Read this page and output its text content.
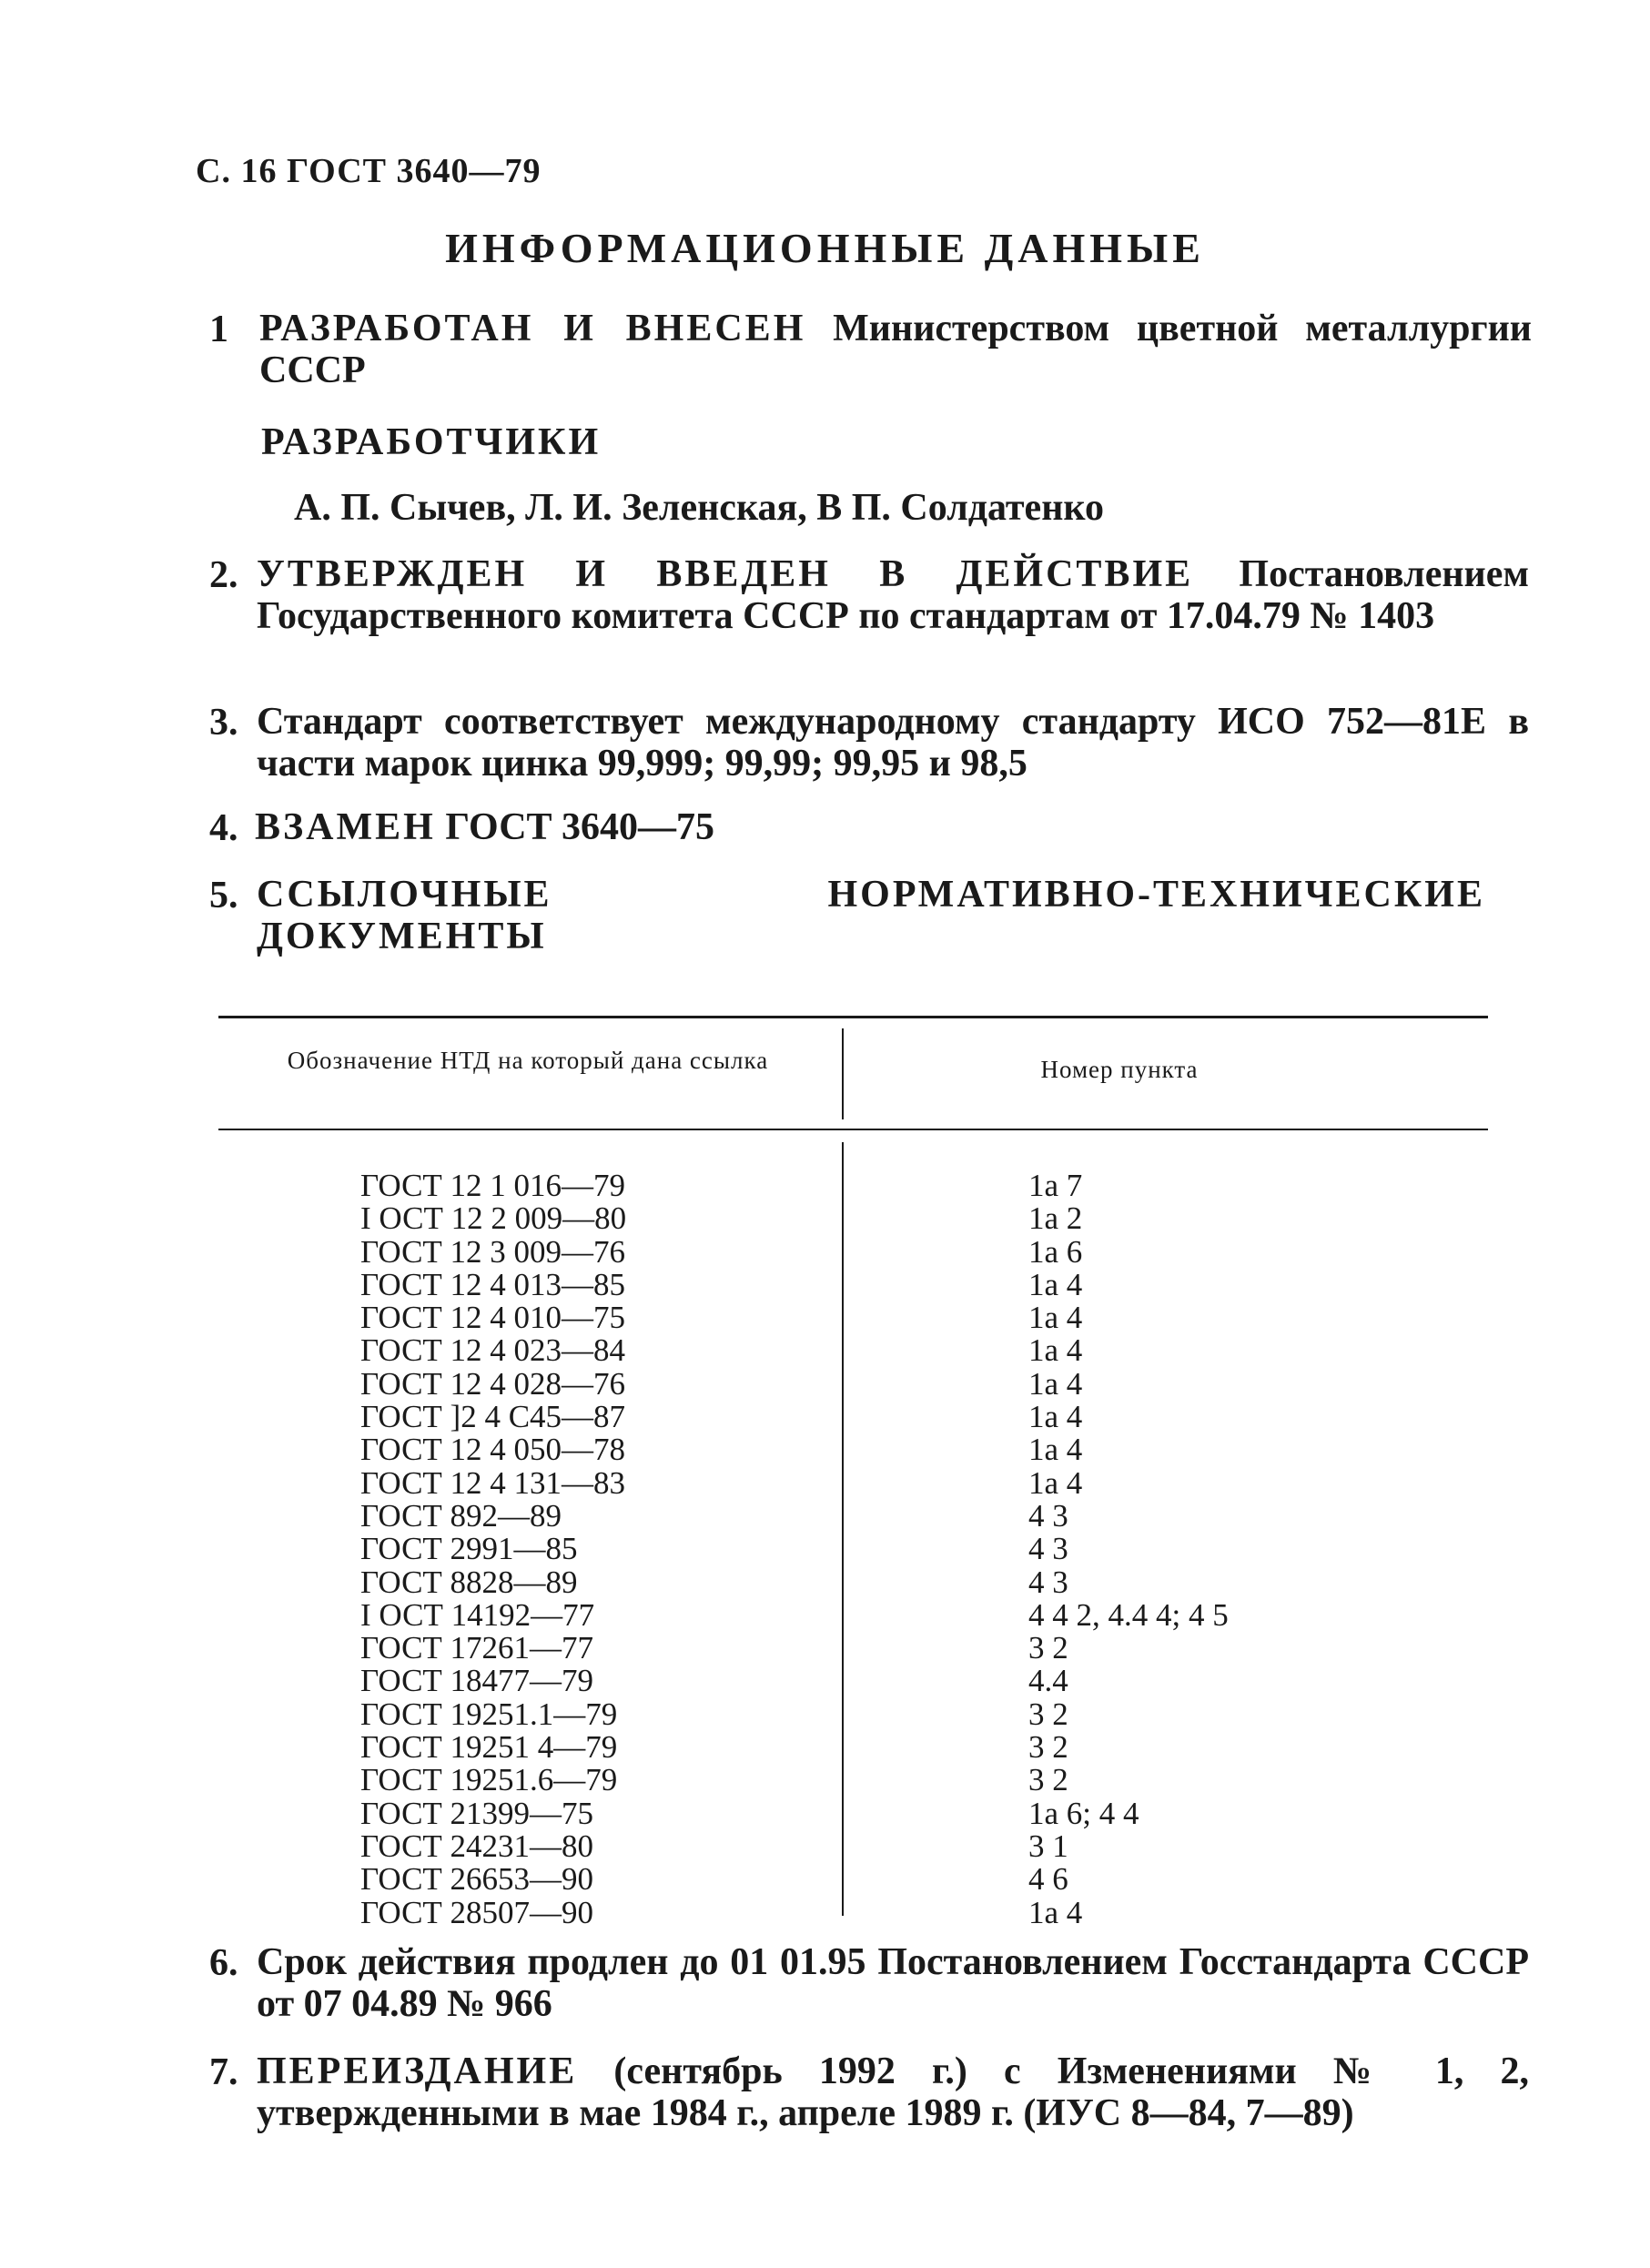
С. 16 ГОСТ 3640—79
ИНФОРМАЦИОННЫЕ ДАННЫЕ
1 РАЗРАБОТАН И ВНЕСЕН Министерством цветной металлургии СССР
РАЗРАБОТЧИКИ
А. П. Сычев, Л. И. Зеленская, В П. Солдатенко
2. УТВЕРЖДЕН И ВВЕДЕН В ДЕЙСТВИЕ Постановлением Государственного комитета СССР по стандартам от 17.04.79 № 1403
3. Стандарт соответствует международному стандарту ИСО 752—81Е в части марок цинка 99,999; 99,99; 99,95 и 98,5
4. ВЗАМЕН ГОСТ 3640—75
5. ССЫЛОЧНЫЕ НОРМАТИВНО-ТЕХНИЧЕСКИЕ ДОКУМЕНТЫ
Обозначение НТД на который дана ссылка	Номер пункта
ГОСТ 12 1 016—79
I ОСТ 12 2 009—80
ГОСТ 12 3 009—76
ГОСТ 12 4 013—85
ГОСТ 12 4 010—75
ГОСТ 12 4 023—84
ГОСТ 12 4 028—76
ГОСТ ]2 4 С45—87
ГОСТ 12 4 050—78
ГОСТ 12 4 131—83
ГОСТ 892—89
ГОСТ 2991—85
ГОСТ 8828—89
I ОСТ 14192—77
ГОСТ 17261—77
ГОСТ 18477—79
ГОСТ 19251.1—79
ГОСТ 19251 4—79
ГОСТ 19251.6—79
ГОСТ 21399—75
ГОСТ 24231—80
ГОСТ 26653—90
ГОСТ 28507—90
1а 7
1а 2
1а 6
1а 4
1а 4
1а 4
1а 4
1а 4
1а 4
1а 4
4 3
4 3
4 3
4 4 2, 4.4 4; 4 5
3 2
4.4
3 2
3 2
3 2
1а 6; 4 4
3 1
4 6
1а 4
6. Срок действия продлен до 01 01.95 Постановлением Госстандарта СССР от 07 04.89 № 966
7. ПЕРЕИЗДАНИЕ (сентябрь 1992 г.) с Изменениями № 1, 2, утвержденными в мае 1984 г., апреле 1989 г. (ИУС 8—84, 7—89)
